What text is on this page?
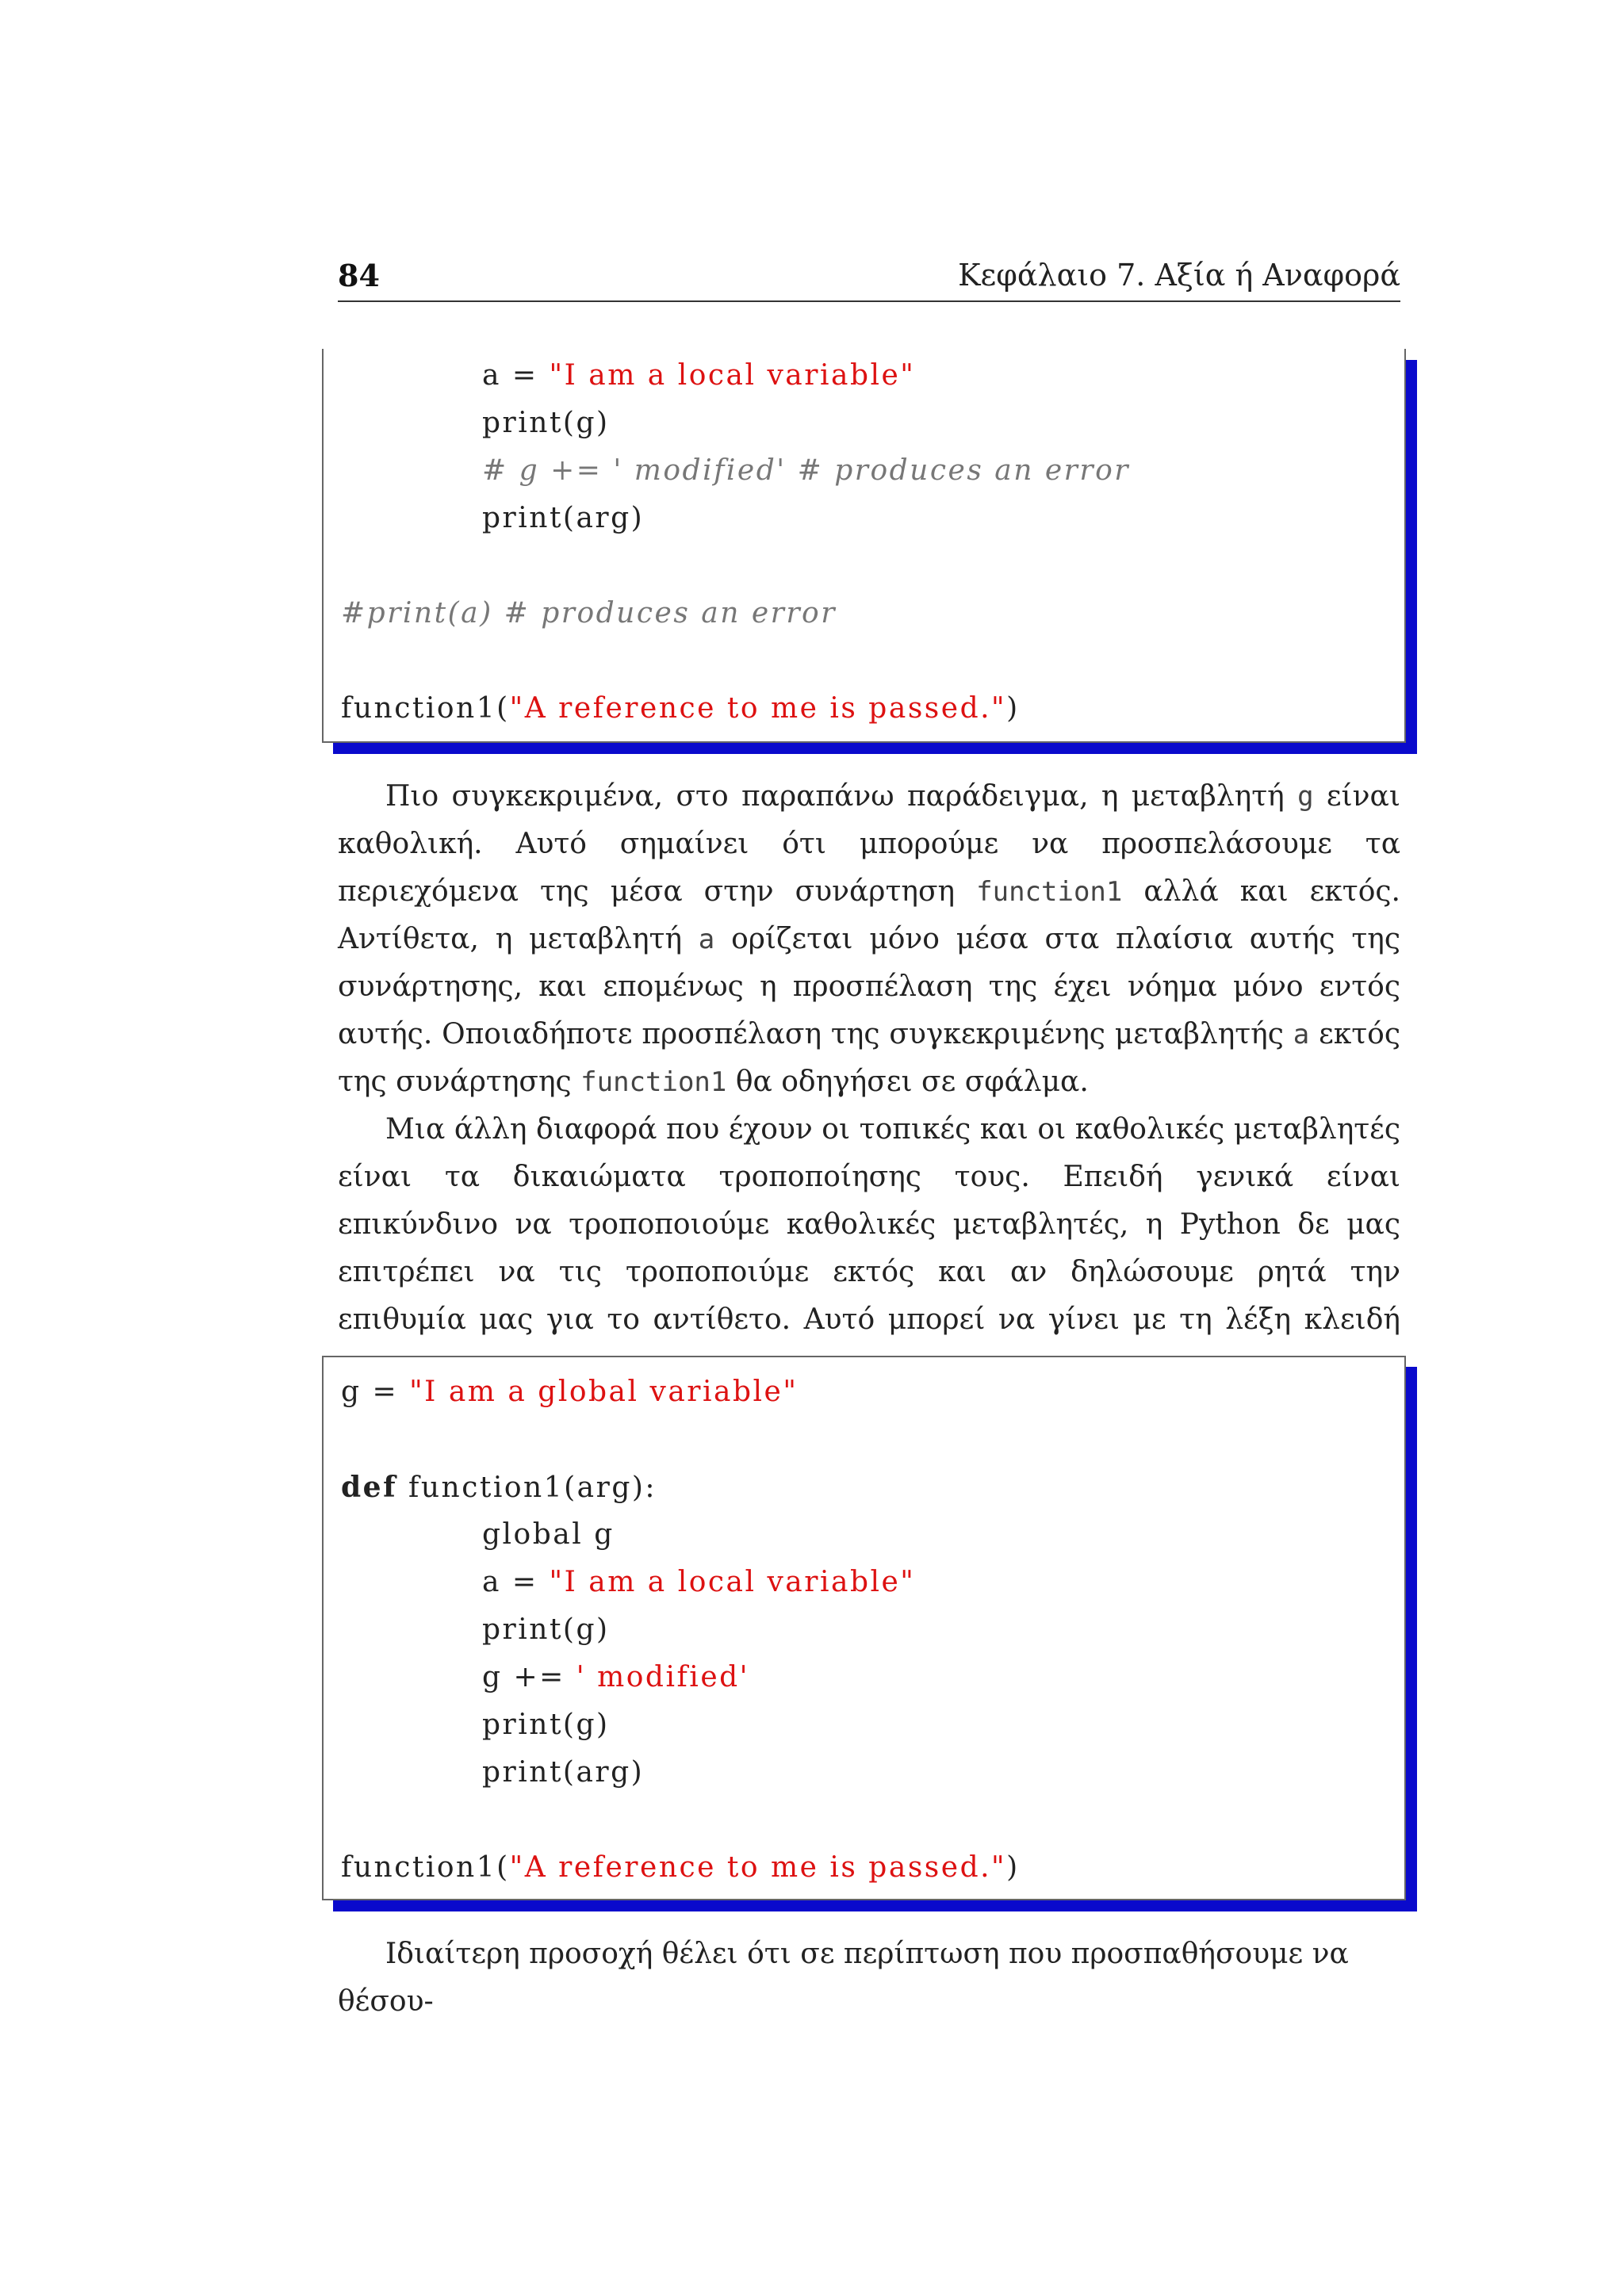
84	Κεφάλαιο 7. Αξία ή Αναφορά
a = "I am a local variable"
print(g)
# g += ' modified' # produces an error
print(arg)
#print(a) # produces an error
function1("A reference to me is passed.")
Πιο συγκεκριμένα, στο παραπάνω παράδειγμα, η μεταβλητή g είναι καθολική. Αυτό σημαίνει ότι μπορούμε να προσπελάσουμε τα περιεχόμενα της μέσα στην συνάρτηση function1 αλλά και εκτός. Αντίθετα, η μεταβλητή a ορίζεται μόνο μέσα στα πλαίσια αυτής της συνάρτησης, και επομένως η προσπέλαση της έχει νόημα μόνο εντός αυτής. Οποιαδήποτε προσπέλαση της συγκεκριμένης μεταβλητής a εκτός της συνάρτησης function1 θα οδηγήσει σε σφάλμα.
Μια άλλη διαφορά που έχουν οι τοπικές και οι καθολικές μεταβλητές είναι τα δικαιώματα τροποποίησης τους. Επειδή γενικά είναι επικύνδινο να τροποποιούμε καθολικές μεταβλητές, η Python δε μας επιτρέπει να τις τροποποιύμε εκτός και αν δηλώσουμε ρητά την επιθυμία μας για το αντίθετο. Αυτό μπορεί να γίνει με τη λέξη κλειδή
g = "I am a global variable"
def function1(arg):
global g
a = "I am a local variable"
print(g)
g += ' modified'
print(g)
print(arg)
function1("A reference to me is passed.")
Ιδιαίτερη προσοχή θέλει ότι σε περίπτωση που προσπαθήσουμε να θέσου-
